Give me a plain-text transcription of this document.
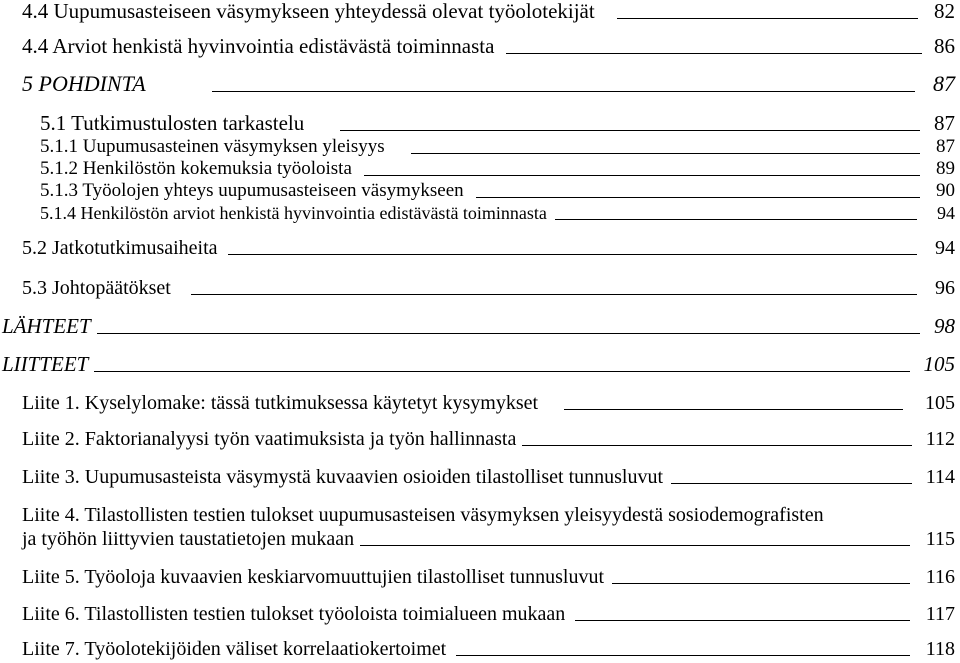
4.4 Uupumusasteiseen väsymykseen yhteydessä olevat työolotekijät	82
4.4 Arviot henkistä hyvinvointia edistävästä toiminnasta	86
5 POHDINTA	87
5.1 Tutkimustulosten tarkastelu	87
5.1.1 Uupumusasteinen väsymyksen yleisyys	87
5.1.2 Henkilöstön kokemuksia työoloista	89
5.1.3 Työolojen yhteys uupumusasteiseen väsymykseen	90
5.1.4 Henkilöstön arviot henkistä hyvinvointia edistävästä toiminnasta	94
5.2 Jatkotutkimusaiheita	94
5.3 Johtopäätökset	96
LÄHTEET	98
LIITTEET	105
Liite 1. Kyselylomake: tässä tutkimuksessa käytetyt kysymykset	105
Liite 2. Faktorianalyysi työn vaatimuksista ja työn hallinnasta	112
Liite 3. Uupumusasteista väsymystä kuvaavien osioiden tilastolliset tunnusluvut	114
Liite 4. Tilastollisten testien tulokset uupumusasteisen väsymyksen yleisyydestä sosiodemografisten
ja työhön liittyvien taustatietojen mukaan	115
Liite 5. Työoloja kuvaavien keskiarvomuuttujien tilastolliset tunnusluvut	116
Liite 6. Tilastollisten testien tulokset työoloista toimialueen mukaan	117
Liite 7. Työolotekijöiden väliset korrelaatiokertoimet	118
